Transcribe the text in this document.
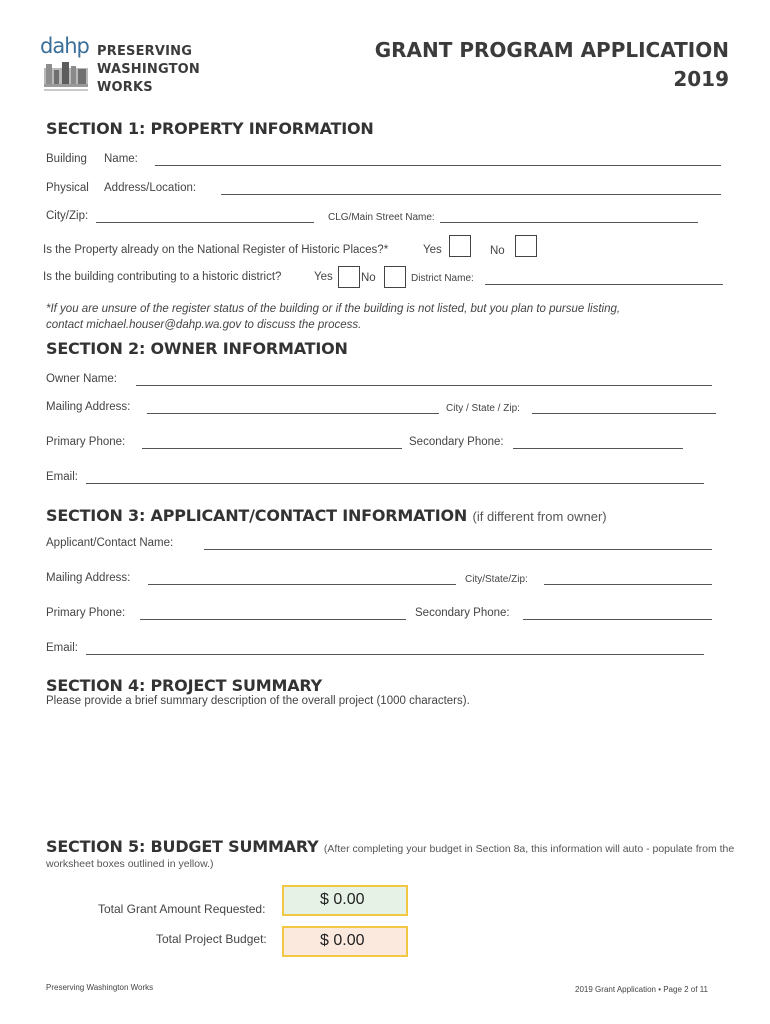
dahp PRESERVING
WASHINGTON
WORKS
GRANT PROGRAM APPLICATION
2019
SECTION 1: PROPERTY INFORMATION
Building Name:
Physical Address/Location:
City/Zip:	CLG/Main Street Name:
Is the Property already on the National Register of Historic Places?*	Yes	No
Is the building contributing to a historic district?	Yes No	District Name:
*If you are unsure of the register status of the building or if the building is not listed, but you plan to pursue listing,
contact michael.houser@dahp.wa.gov to discuss the process.
SECTION 2: OWNER INFORMATION
Owner Name:
Mailing Address:	City / State / Zip:
Primary Phone:	Secondary Phone:
Email:
SECTION 3: APPLICANT/CONTACT INFORMATION (if different from owner)
Applicant/Contact Name:
Mailing Address:	City/State/Zip:
Primary Phone:	Secondary Phone:
Email:
SECTION 4: PROJECT SUMMARY
Please provide a brief summary description of the overall project (1000 characters).
SECTION 5: BUDGET SUMMARY (After completing your budget in Section 8a, this information will auto - populate from the
worksheet boxes outlined in yellow.)
Total Grant Amount Requested:
$ 0.00
Total Project Budget:	$ 0.00
Preserving Washington Works	2019 Grant Application • Page 2 of 11
